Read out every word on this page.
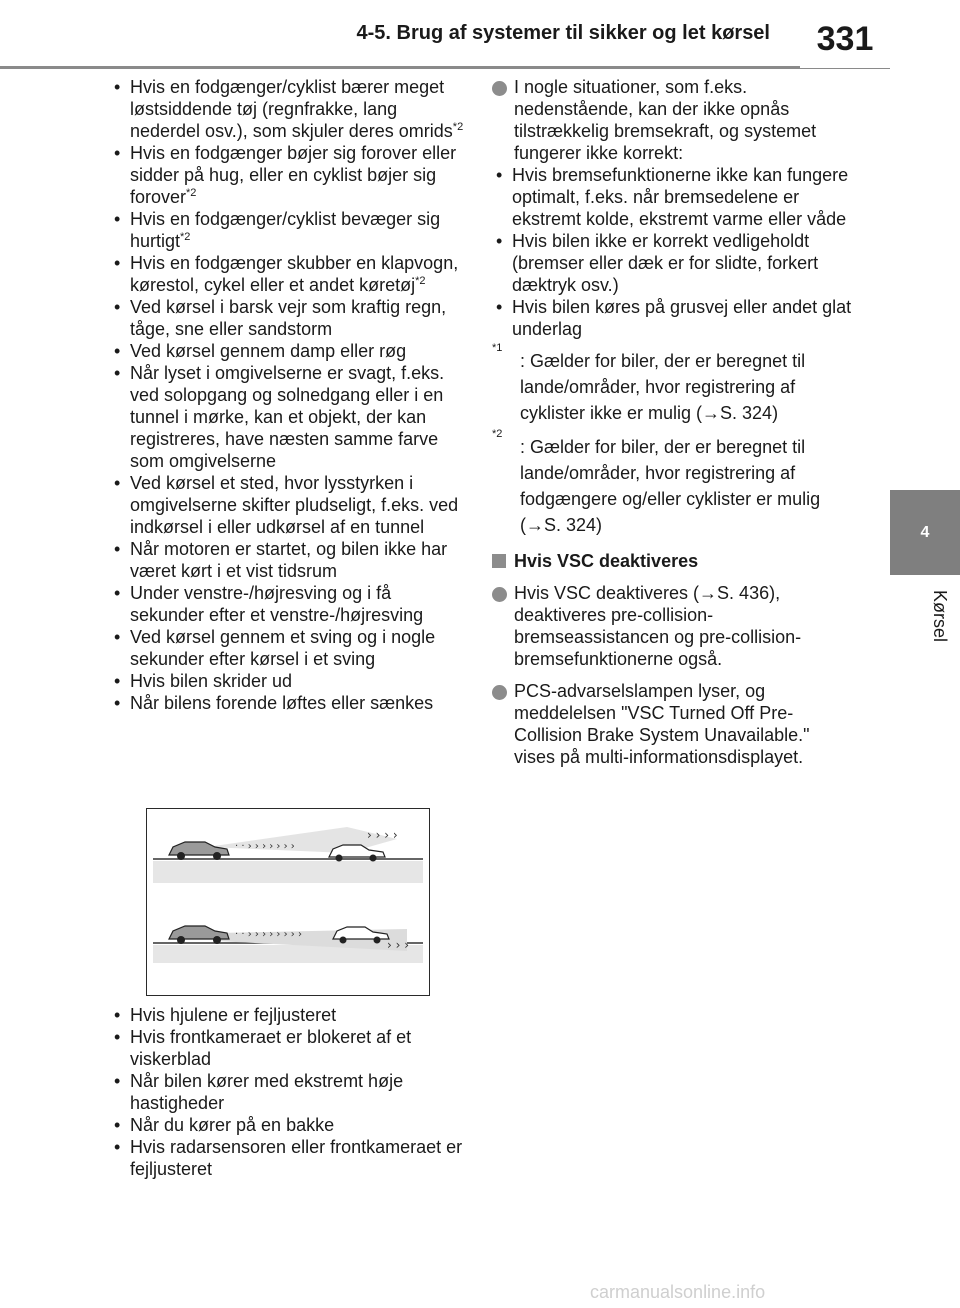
4-5. Brug af systemer til sikker og let kørsel	331
4
Kørsel
• Hvis en fodgænger/cyklist bærer meget løstsiddende tøj (regnfrakke, lang nederdel osv.), som skjuler deres omrids$^{*2}$
• Hvis en fodgænger bøjer sig forover eller sidder på hug, eller en cyklist bøjer sig forover$^{*2}$
• Hvis en fodgænger/cyklist bevæger sig hurtigt$^{*2}$
• Hvis en fodgænger skubber en klapvogn, kørestol, cykel eller et andet køretøj$^{*2}$
• Ved kørsel i barsk vejr som kraftig regn, tåge, sne eller sandstorm
• Ved kørsel gennem damp eller røg
• Når lyset i omgivelserne er svagt, f.eks. ved solopgang og solnedgang eller i en tunnel i mørke, kan et objekt, der kan registreres, have næsten samme farve som omgivelserne
• Ved kørsel et sted, hvor lysstyrken i omgivelserne skifter pludseligt, f.eks. ved indkørsel i eller udkørsel af en tunnel
• Når motoren er startet, og bilen ikke har været kørt i et vist tidsrum
• Under venstre-/højresving og i få sekunder efter et venstre-/højresving
• Ved kørsel gennem et sving og i nogle sekunder efter kørsel i et sving
• Hvis bilen skrider ud
• Når bilens forende løftes eller sænkes
· · › › › › › › ›
› › › ›
· · › › › › › › › ›
› › ›
• Hvis hjulene er fejljusteret
• Hvis frontkameraet er blokeret af et viskerblad
• Når bilen kører med ekstremt høje hastigheder
• Når du kører på en bakke
• Hvis radarsensoren eller frontkameraet er fejljusteret
I nogle situationer, som f.eks. nedenstående, kan der ikke opnås tilstrækkelig bremsekraft, og systemet fungerer ikke korrekt:
• Hvis bremsefunktionerne ikke kan fungere optimalt, f.eks. når bremsedelene er ekstremt kolde, ekstremt varme eller våde
• Hvis bilen ikke er korrekt vedligeholdt (bremser eller dæk er for slidte, forkert dæktryk osv.)
• Hvis bilen køres på grusvej eller andet glat underlag
*1
: Gælder for biler, der er beregnet til lande/områder, hvor registrering af cyklister ikke er mulig (→S. 324)
*2
: Gælder for biler, der er beregnet til lande/områder, hvor registrering af fodgængere og/eller cyklister er mulig (→S. 324)
Hvis VSC deaktiveres
Hvis VSC deaktiveres (→S. 436), deaktiveres pre-collision-bremseassistancen og pre-collision-bremsefunktionerne også.
PCS-advarselslampen lyser, og meddelelsen "VSC Turned Off Pre-Collision Brake System Unavailable." vises på multi-informationsdisplayet.
carmanualsonline.info
